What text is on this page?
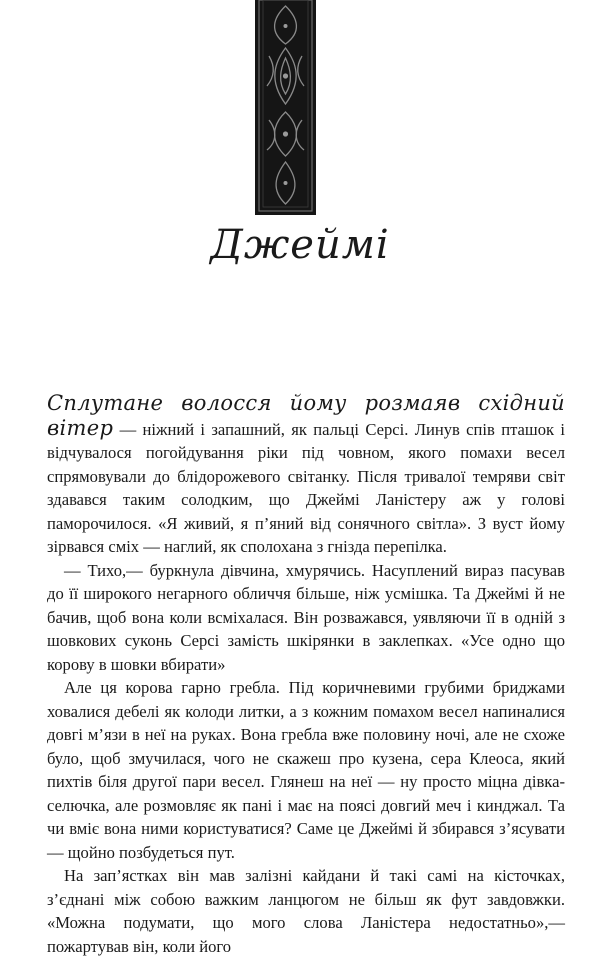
Джеймі

Сплутане волосся йому розмаяв східний вітер — ніжний і запашний, як пальці Серсі. Линув спів пташок і відчувалося погойдування ріки під човном, якого помахи весел спрямовували до блідорожевого світанку. Після тривалої темряви світ здавався таким солодким, що Джеймі Ланістеру аж у голові паморочилося. «Я живий, я п’яний від сонячного світла». З вуст йому зірвався сміх — наглий, як сполохана з гнізда перепілка.

— Тихо,— буркнула дівчина, хмурячись. Насуплений вираз пасував до її широкого негарного обличчя більше, ніж усмішка. Та Джеймі й не бачив, щоб вона коли всміхалася. Він розважався, уявляючи її в одній з шовкових суконь Серсі замість шкірянки в заклепках. «Усе одно що корову в шовки вбирати»

Але ця корова гарно гребла. Під коричневими грубими бриджами ховалися дебелі як колоди литки, а з кожним помахом весел напиналися довгі м’язи в неї на руках. Вона гребла вже половину ночі, але не схоже було, щоб змучилася, чого не скажеш про кузена, сера Клеоса, який пихтів біля другої пари весел. Глянеш на неї — ну просто міцна дівка-селючка, але розмовляє як пані і має на поясі довгий меч і кинджал. Та чи вміє вона ними користуватися? Саме це Джеймі й збирався з’ясувати — щойно позбудеться пут.

На зап’ястках він мав залізні кайдани й такі самі на кісточках, з’єднані між собою важким ланцюгом не більш як фут завдовжки. «Можна подумати, що мого слова Ланістера недостатньо»,— пожартував він, коли його
